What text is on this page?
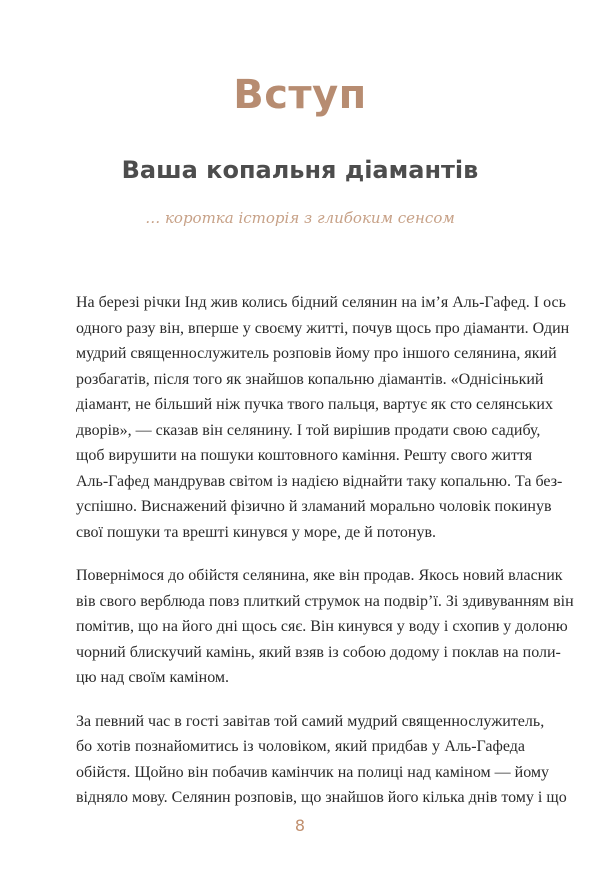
Вступ
Ваша копальня діамантів
… коротка історія з глибоким сенсом
На березі річки Інд жив колись бідний селянин на ім’я Аль-Гафед. І ось
одного разу він, вперше у своєму житті, почув щось про діаманти. Один
мудрий священнослужитель розповів йому про іншого селянина, який
розбагатів, після того як знайшов копальню діамантів. «Однісінький
діамант, не більший ніж пучка твого пальця, вартує як сто селянських
дворів», — сказав він селянину. І той вирішив продати свою садибу,
щоб вирушити на пошуки коштовного каміння. Решту свого життя
Аль-Гафед мандрував світом із надією віднайти таку копальню. Та без-
успішно. Виснажений фізично й зламаний морально чоловік покинув
свої пошуки та врешті кинувся у море, де й потонув.
Повернімося до обійстя селянина, яке він продав. Якось новий власник
вів свого верблюда повз плиткий струмок на подвір’ї. Зі здивуванням він
помітив, що на його дні щось сяє. Він кинувся у воду і схопив у долоню
чорний блискучий камінь, який взяв із собою додому і поклав на поли-
цю над своїм каміном.
За певний час в гості завітав той самий мудрий священнослужитель,
бо хотів познайомитись із чоловіком, який придбав у Аль-Гафеда
обійстя. Щойно він побачив камінчик на полиці над каміном — йому
відняло мову. Селянин розповів, що знайшов його кілька днів тому і що
8
